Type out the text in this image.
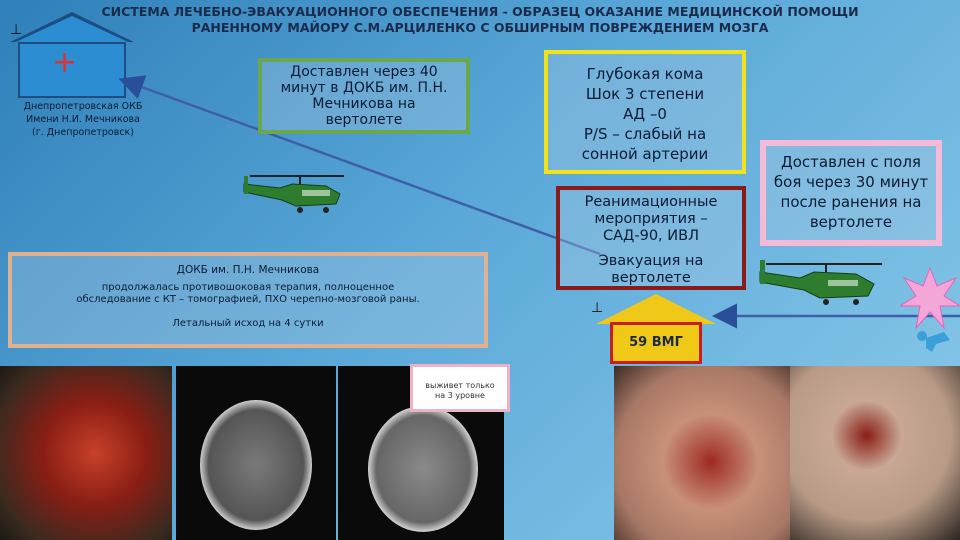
СИСТЕМА ЛЕЧЕБНО-ЭВАКУАЦИОННОГО ОБЕСПЕЧЕНИЯ - ОБРАЗЕЦ ОКАЗАНИЕ МЕДИЦИНСКОЙ ПОМОЩИ
РАНЕННОМУ МАЙОРУ С.М.АРЦИЛЕНКО С ОБШИРНЫМ ПОВРЕЖДЕНИЕМ МОЗГА
⊥
+
Днепропетровская ОКБ
Имени Н.И. Мечникова
(г. Днепропетровск)
Доставлен через 40
минут в ДОКБ им. П.Н.
Мечникова на
вертолете
Глубокая кома
Шок 3 степени
АД –0
P/S – слабый на
сонной артерии
Реанимационные
мероприятия –
САД-90, ИВЛ
Эвакуация на
вертолете
Доставлен с поля
боя через 30 минут
после ранения на
вертолете
ДОКБ им. П.Н. Мечникова
продолжалась противошоковая терапия, полноценное
обследование с КТ – томографией, ПХО черепно-мозговой раны.
Летальный исход на 4 сутки
⊥
59 ВМГ
выживет только
на 3 уровне
